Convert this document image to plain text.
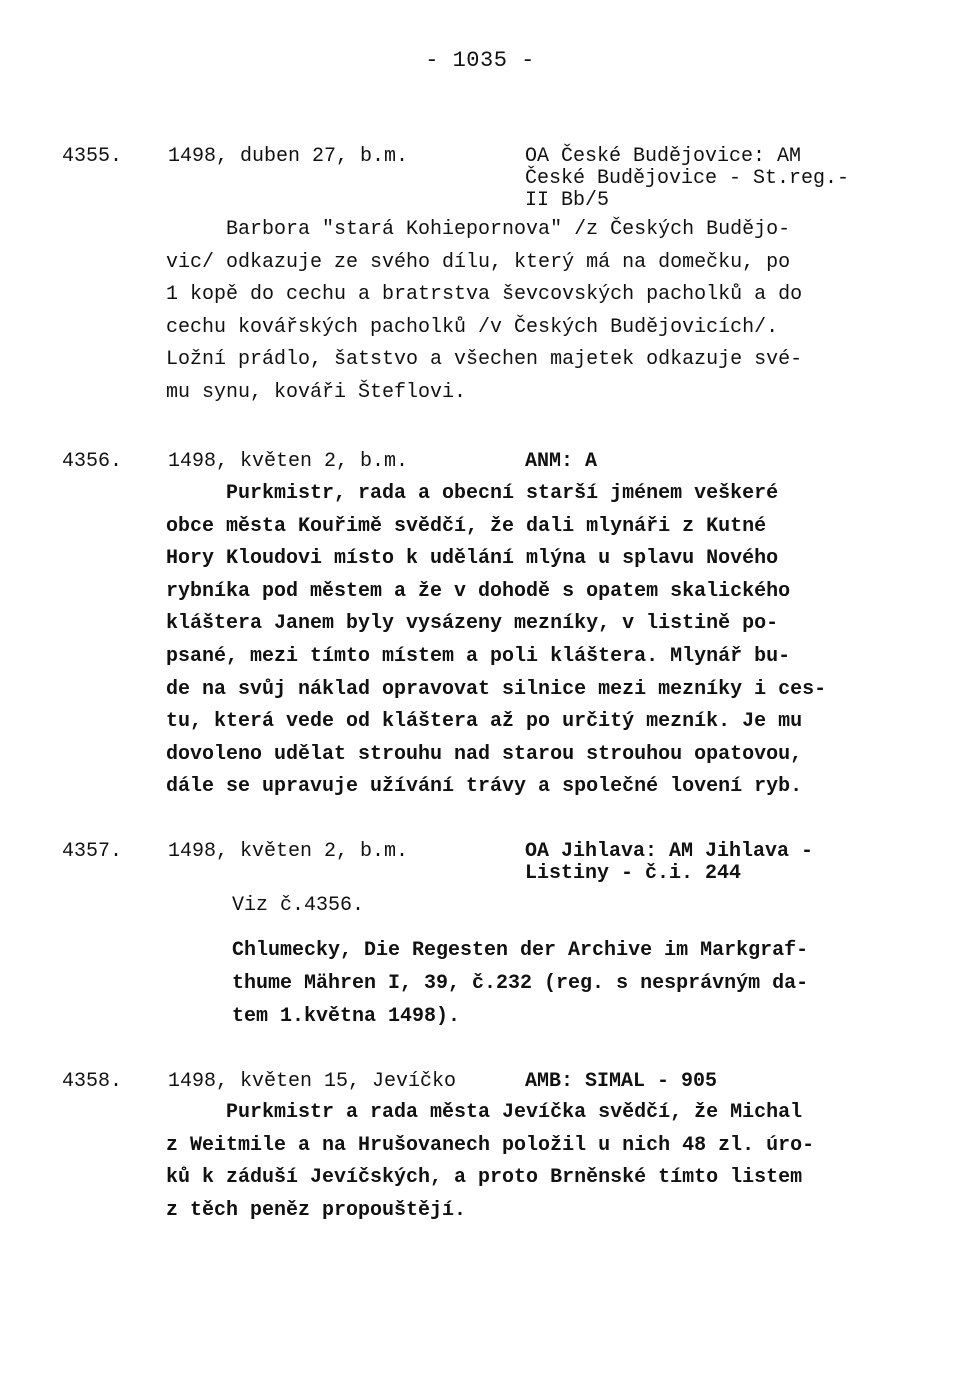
- 1035 -
4355. 1498, duben 27, b.m.	OA České Budějovice: AM
České Budějovice - St.reg.-
II Bb/5
Barbora "stará Kohiepornova" /z Českých Budějo-
vic/ odkazuje ze svého dílu, který má na domečku, po
1 kopě do cechu a bratrstva ševcovských pacholků a do
cechu kovářských pacholků /v Českých Budějovicích/.
Ložní prádlo, šatstvo a všechen majetek odkazuje své-
mu synu, kováři Šteflovi.
4356. 1498, květen 2, b.m.	ANM: A
Purkmistr, rada a obecní starší jménem veškeré
obce města Kouřimě svědčí, že dali mlynáři z Kutné
Hory Kloudovi místo k udělání mlýna u splavu Nového
rybníka pod městem a že v dohodě s opatem skalického
kláštera Janem byly vysázeny mezníky, v listině po-
psané, mezi tímto místem a poli kláštera. Mlynář bu-
de na svůj náklad opravovat silnice mezi mezníky i ces-
tu, která vede od kláštera až po určitý mezník. Je mu
dovoleno udělat strouhu nad starou strouhou opatovou,
dále se upravuje užívání trávy a společné lovení ryb.
4357. 1498, květen 2, b.m.	OA Jihlava: AM Jihlava -
Listiny - č.i. 244
Viz č.4356.
Chlumecky, Die Regesten der Archive im Markgraf-
thume Mähren I, 39, č.232 (reg. s nesprávným da-
tem 1.května 1498).
4358. 1498, květen 15, Jevíčko	AMB: SIMAL - 905
Purkmistr a rada města Jevíčka svědčí, že Michal
z Weitmile a na Hrušovanech položil u nich 48 zl. úro-
ků k záduší Jevíčských, a proto Brněnské tímto listem
z těch peněz propouštějí.
